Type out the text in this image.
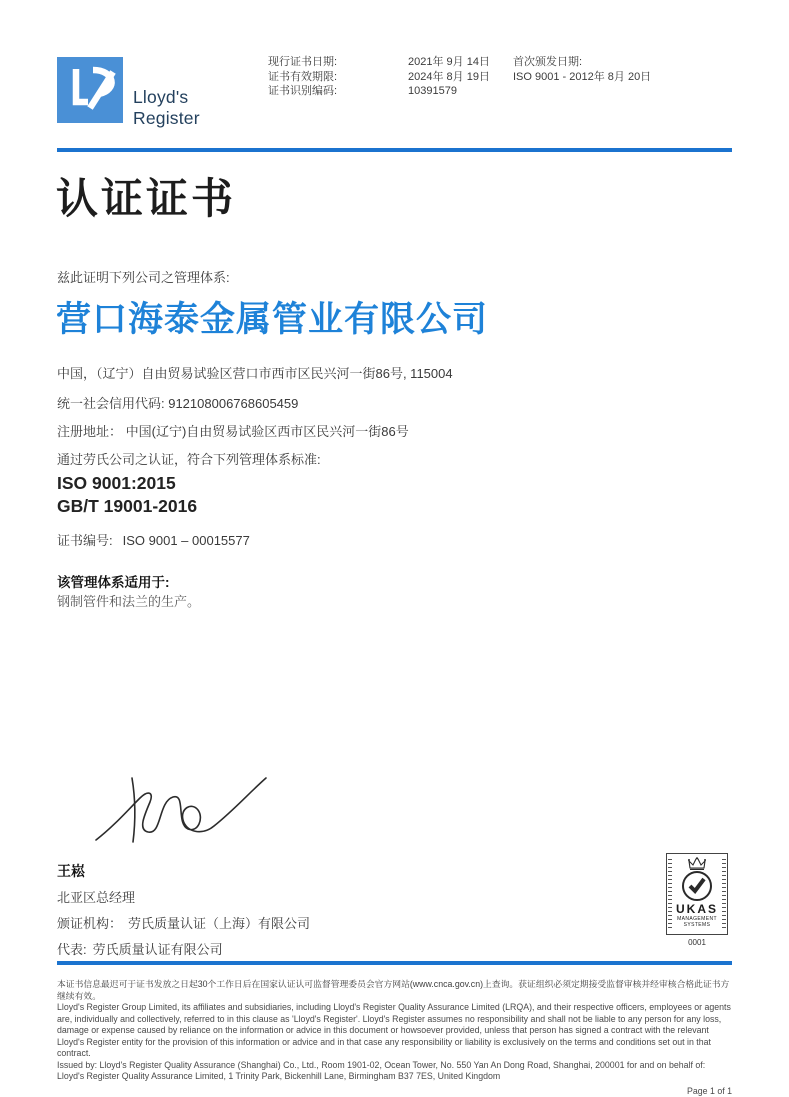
Lloyd's
Register
现行证书日期:
证书有效期限:
证书识别编码:
2021年 9月 14日
2024年 8月 19日
10391579
首次颁发日期:
ISO 9001 - 2012年 8月 20日
认证证书
兹此证明下列公司之管理体系:
营口海泰金属管业有限公司
中国，（辽宁）自由贸易试验区营口市西市区民兴河一街86号, 115004
统一社会信用代码: 912108006768605459
注册地址： 中国(辽宁)自由贸易试验区西市区民兴河一街86号
通过劳氏公司之认证，符合下列管理体系标准:
ISO 9001:2015
GB/T 19001-2016
证书编号: ISO 9001 – 00015577
该管理体系适用于:
钢制管件和法兰的生产。
王崧
北亚区总经理
颁证机构： 劳氏质量认证（上海）有限公司
代表: 劳氏质量认证有限公司
UKAS
MANAGEMENT
SYSTEMS
0001
本证书信息最迟可于证书发放之日起30个工作日后在国家认证认可监督管理委员会官方网站(www.cnca.gov.cn)上查询。获证组织必须定期接受监督审核并经审核合格此证书方继续有效。
Lloyd's Register Group Limited, its affiliates and subsidiaries, including Lloyd's Register Quality Assurance Limited (LRQA), and their respective officers, employees or agents are, individually and collectively, referred to in this clause as 'Lloyd's Register'. Lloyd's Register assumes no responsibility and shall not be liable to any person for any loss, damage or expense caused by reliance on the information or advice in this document or howsoever provided, unless that person has signed a contract with the relevant Lloyd's Register entity for the provision of this information or advice and in that case any responsibility or liability is exclusively on the terms and conditions set out in that contract.
Issued by: Lloyd's Register Quality Assurance (Shanghai) Co., Ltd., Room 1901-02, Ocean Tower, No. 550 Yan An Dong Road, Shanghai, 200001 for and on behalf of: Lloyd's Register Quality Assurance Limited, 1 Trinity Park, Bickenhill Lane, Birmingham B37 7ES, United Kingdom
Page 1 of 1
